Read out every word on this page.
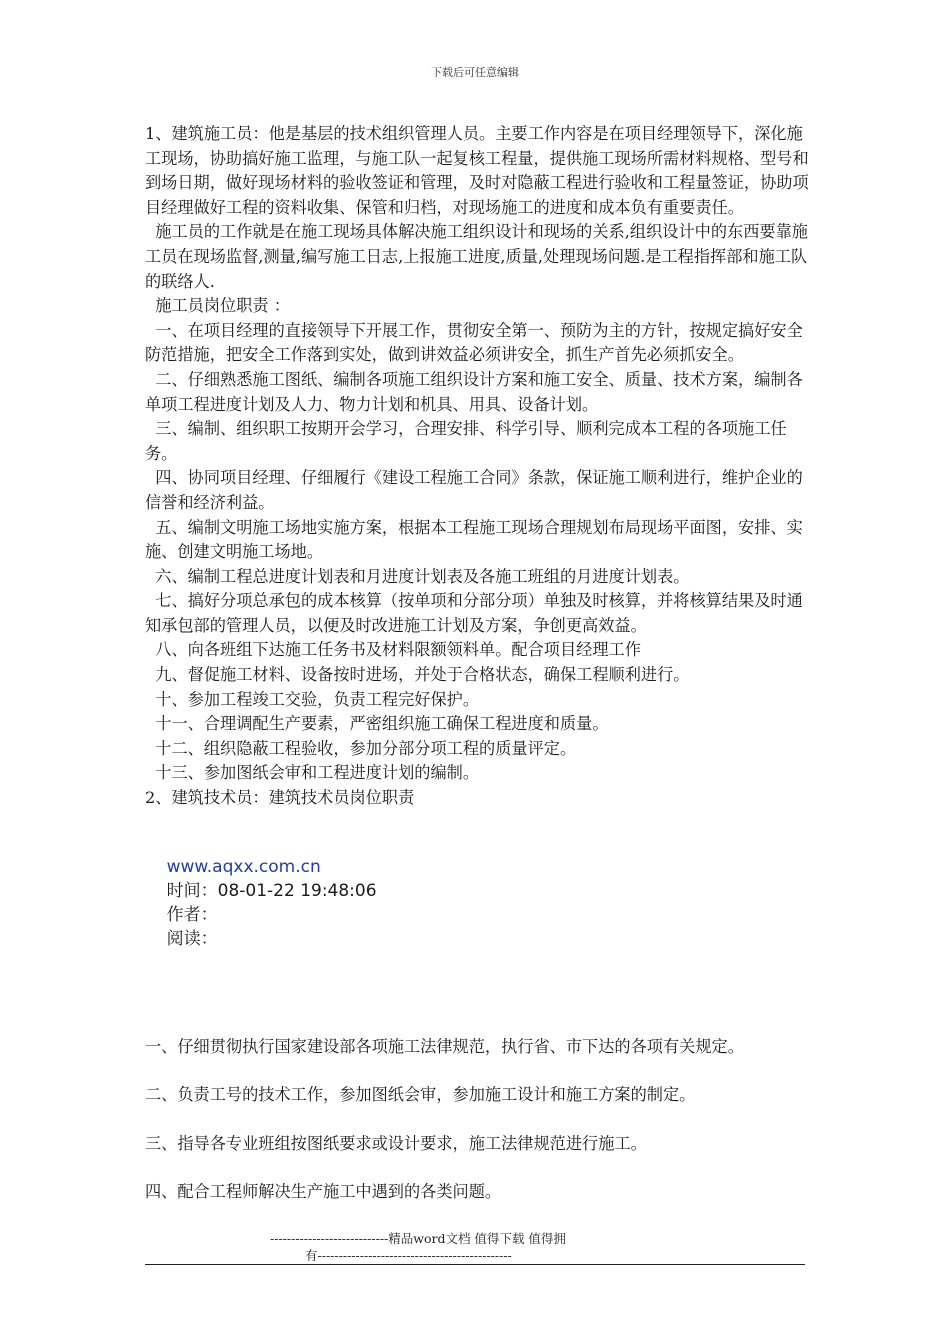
下载后可任意编辑

1、建筑施工员：他是基层的技术组织管理人员。主要工作内容是在项目经理领导下，深化施工现场，协助搞好施工监理，与施工队一起复核工程量，提供施工现场所需材料规格、型号和到场日期，做好现场材料的验收签证和管理，及时对隐蔽工程进行验收和工程量签证，协助项目经理做好工程的资料收集、保管和归档，对现场施工的进度和成本负有重要责任。

施工员的工作就是在施工现场具体解决施工组织设计和现场的关系,组织设计中的东西要靠施工员在现场监督,测量,编写施工日志,上报施工进度,质量,处理现场问题.是工程指挥部和施工队的联络人.

施工员岗位职责 ：

一、在项目经理的直接领导下开展工作，贯彻安全第一、预防为主的方针，按规定搞好安全防范措施，把安全工作落到实处，做到讲效益必须讲安全，抓生产首先必须抓安全。

二、仔细熟悉施工图纸、编制各项施工组织设计方案和施工安全、质量、技术方案，编制各单项工程进度计划及人力、物力计划和机具、用具、设备计划。

三、编制、组织职工按期开会学习，合理安排、科学引导、顺利完成本工程的各项施工任务。

四、协同项目经理、仔细履行《建设工程施工合同》条款，保证施工顺利进行，维护企业的信誉和经济利益。

五、编制文明施工场地实施方案，根据本工程施工现场合理规划布局现场平面图，安排、实施、创建文明施工场地。

六、编制工程总进度计划表和月进度计划表及各施工班组的月进度计划表。

七、搞好分项总承包的成本核算（按单项和分部分项）单独及时核算，并将核算结果及时通知承包部的管理人员，以便及时改进施工计划及方案，争创更高效益。

八、向各班组下达施工任务书及材料限额领料单。配合项目经理工作

九、督促施工材料、设备按时进场，并处于合格状态，确保工程顺利进行。

十、参加工程竣工交验，负责工程完好保护。

十一、合理调配生产要素，严密组织施工确保工程进度和质量。

十二、组织隐蔽工程验收，参加分部分项工程的质量评定。

十三、参加图纸会审和工程进度计划的编制。

2、建筑技术员：建筑技术员岗位职责

www.aqxx.com.cn
时间：08-01-22 19:48:06
作者：
阅读：

一、仔细贯彻执行国家建设部各项施工法律规范，执行省、市下达的各项有关规定。

二、负责工号的技术工作，参加图纸会审，参加施工设计和施工方案的制定。

三、指导各专业班组按图纸要求或设计要求，施工法律规范进行施工。

四、配合工程师解决生产施工中遇到的各类问题。

----------------------------精品word文档 值得下载 值得拥
有----------------------------------------------
